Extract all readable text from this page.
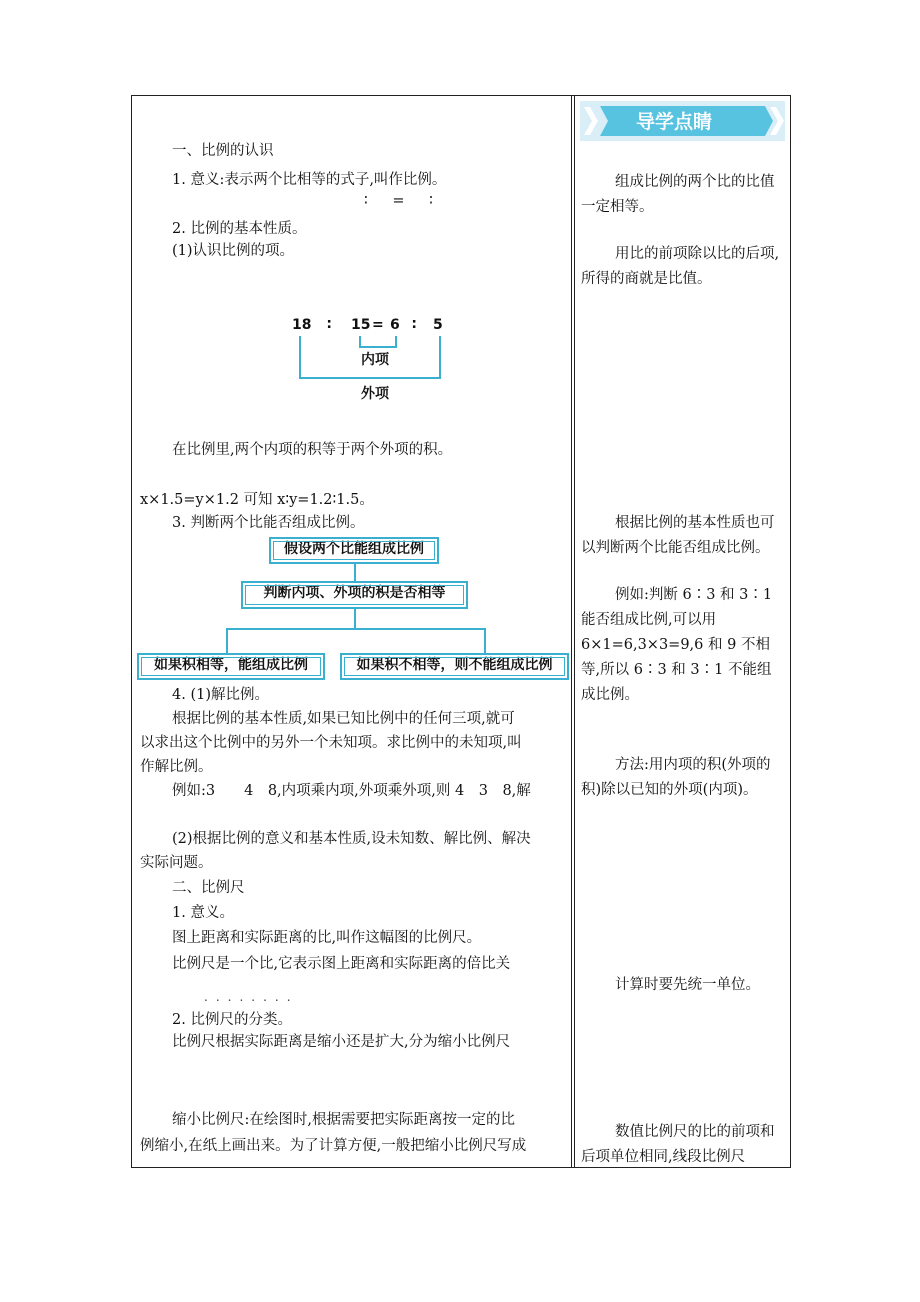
导学点睛
一、比例的认识
1. 意义:表示两个比相等的式子,叫作比例。
∶ = ∶
2. 比例的基本性质。
(1)认识比例的项。
18 ∶ 15 = 6 ∶ 5
内项
外项
在比例里,两个内项的积等于两个外项的积。
x×1.5=y×1.2 可知 x∶y=1.2∶1.5。
3. 判断两个比能否组成比例。
假设两个比能组成比例
判断内项、外项的积是否相等
如果积相等，能组成比例	如果积不相等，则不能组成比例
4. (1)解比例。
根据比例的基本性质,如果已知比例中的任何三项,就可
以求出这个比例中的另外一个未知项。求比例中的未知项,叫
作解比例。
例如:3　　4　8,内项乘内项,外项乘外项,则 4　3　8,解
(2)根据比例的意义和基本性质,设未知数、解比例、解决
实际问题。
二、比例尺
1. 意义。
图上距离和实际距离的比,叫作这幅图的比例尺。
比例尺是一个比,它表示图上距离和实际距离的倍比关
........
2. 比例尺的分类。
比例尺根据实际距离是缩小还是扩大,分为缩小比例尺
缩小比例尺:在绘图时,根据需要把实际距离按一定的比
例缩小,在纸上画出来。为了计算方便,一般把缩小比例尺写成
组成比例的两个比的比值一定相等。
用比的前项除以比的后项,所得的商就是比值。
根据比例的基本性质也可以判断两个比能否组成比例。
例如:判断 6∶3 和 3∶1 能否组成比例,可以用 6×1=6,3×3=9,6 和 9 不相等,所以 6∶3 和 3∶1 不能组成比例。
方法:用内项的积(外项的积)除以已知的外项(内项)。
计算时要先统一单位。
数值比例尺的比的前项和后项单位相同,线段比例尺
